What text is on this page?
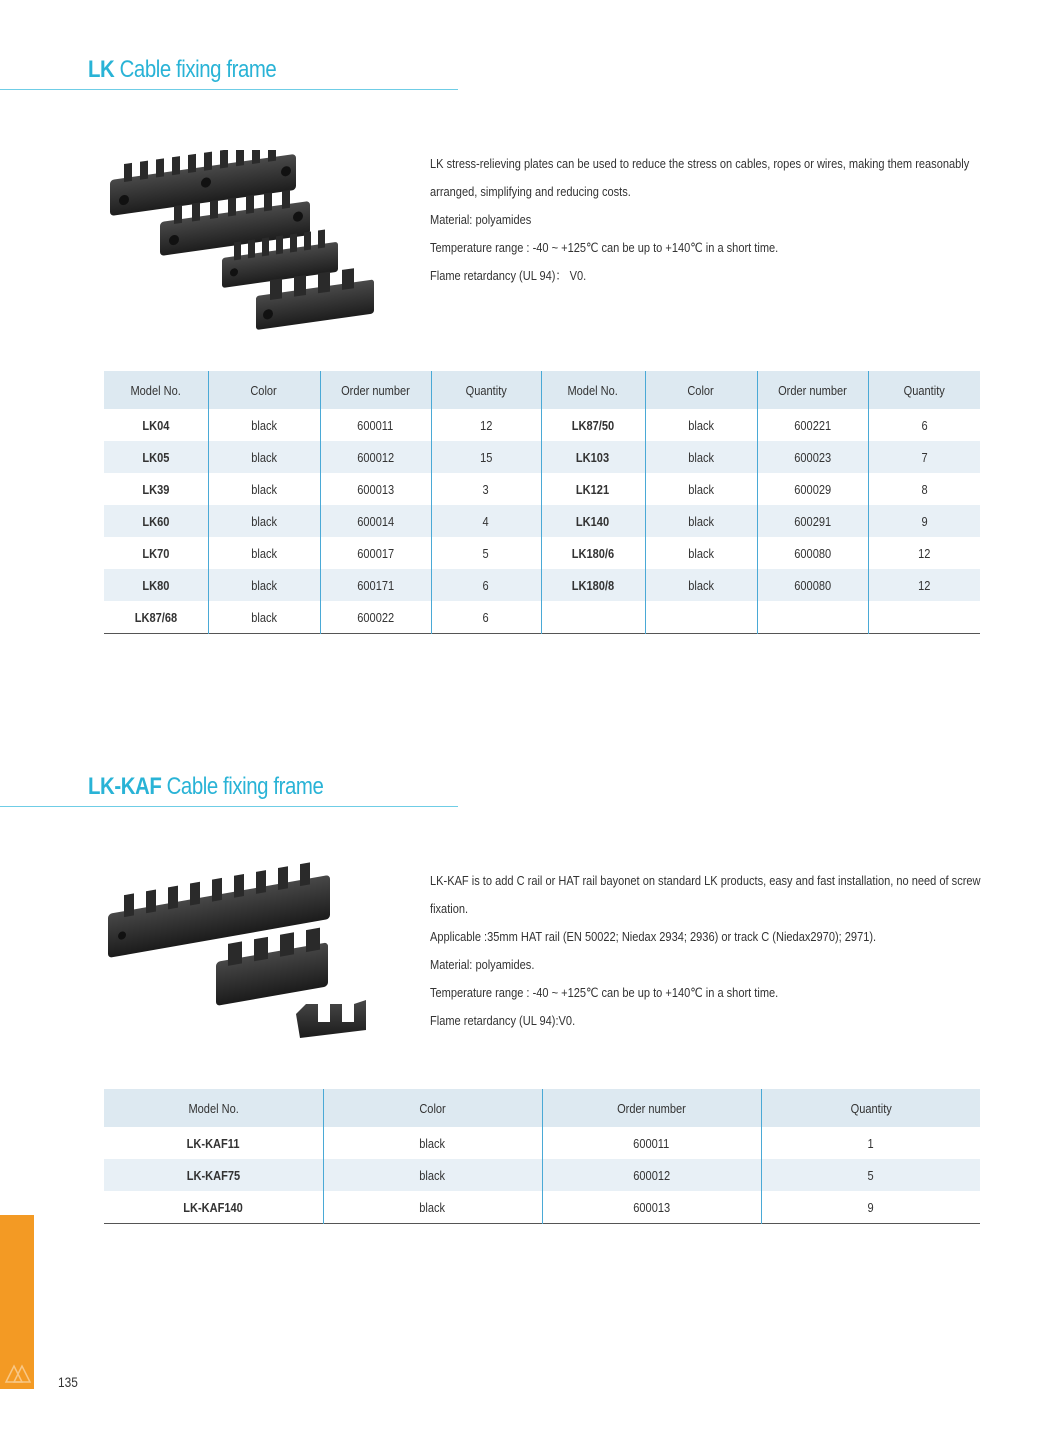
LK Cable fixing frame

LK stress-relieving plates can be used to reduce the stress on cables, ropes or wires, making them reasonably

arranged, simplifying and reducing costs.

Material: polyamides

Temperature range : -40 ~ +125℃ can be up to +140℃ in a short time.

Flame retardancy (UL 94)： V0.

Model No.	Color	Order number	Quantity	Model No.	Color	Order number	Quantity
LK04	black	600011	12	LK87/50	black	600221	6
LK05	black	600012	15	LK103	black	600023	7
LK39	black	600013	3	LK121	black	600029	8
LK60	black	600014	4	LK140	black	600291	9
LK70	black	600017	5	LK180/6	black	600080	12
LK80	black	600171	6	LK180/8	black	600080	12
LK87/68	black	600022	6				
LK-KAF Cable fixing frame

LK-KAF is to add C rail or HAT rail bayonet on standard LK products, easy and fast installation, no need of screw

fixation.

Applicable :35mm HAT rail (EN 50022; Niedax 2934; 2936) or track C (Niedax2970); 2971).

Material: polyamides.

Temperature range : -40 ~ +125℃ can be up to +140℃ in a short time.

Flame retardancy (UL 94):V0.

Model No.	Color	Order number	Quantity
LK-KAF11	black	600011	1
LK-KAF75	black	600012	5
LK-KAF140	black	600013	9
135
